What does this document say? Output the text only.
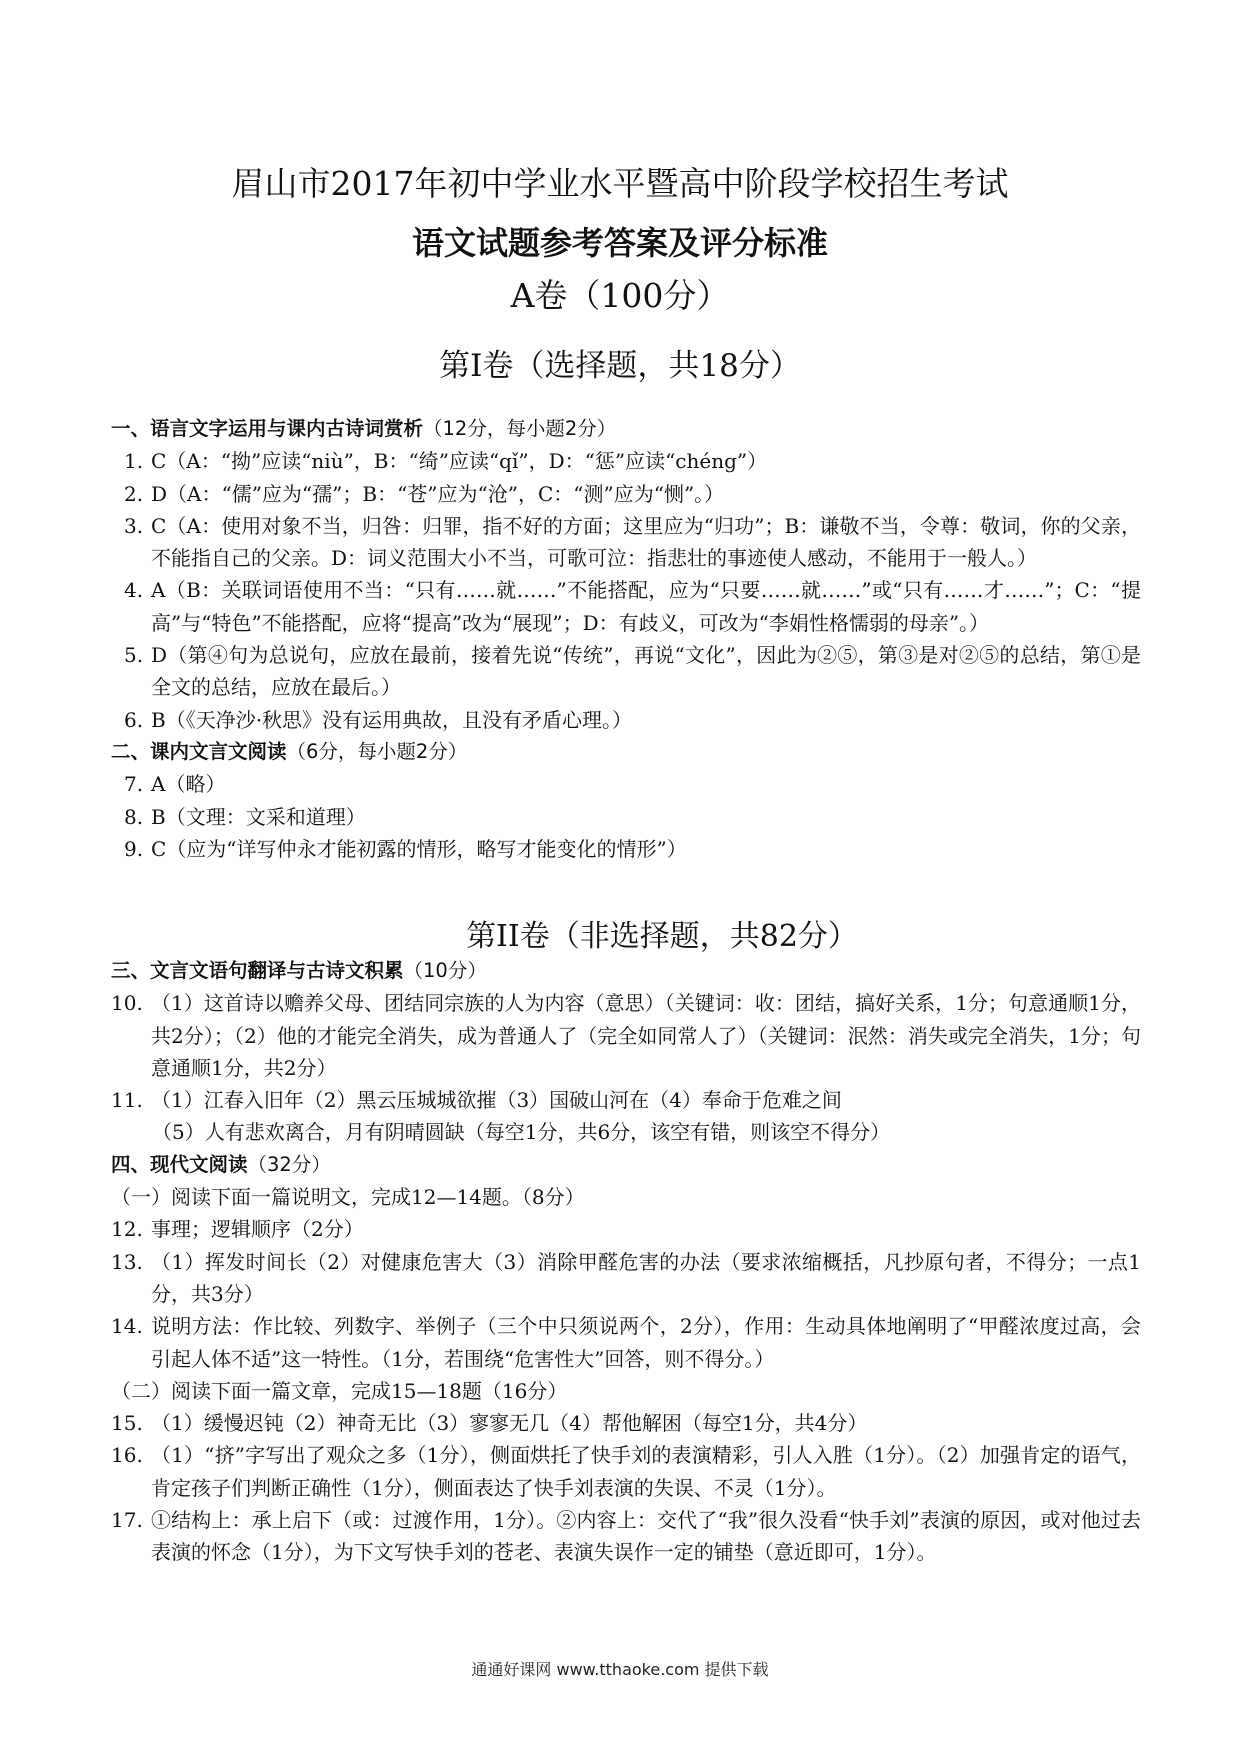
眉山市2017年初中学业水平暨高中阶段学校招生考试
语文试题参考答案及评分标准
A卷（100分）
第I卷（选择题，共18分）
一、语言文字运用与课内古诗词赏析（12分，每小题2分）
1. C（A：“拗”应读“niù”，B：“绮”应读“qǐ”，D：“惩”应读“chéng”）
2. D（A：“儒”应为“孺”；B：“苍”应为“沧”，C：“测”应为“恻”。）
3. C（A：使用对象不当，归咎：归罪，指不好的方面；这里应为“归功”；B：谦敬不当，令尊：敬词，你的父亲，不能指自己的父亲。D：词义范围大小不当，可歌可泣：指悲壮的事迹使人感动，不能用于一般人。）
4. A（B：关联词语使用不当：“只有……就……”不能搭配，应为“只要……就……”或“只有……才……”；C：“提高”与“特色”不能搭配，应将“提高”改为“展现”；D：有歧义，可改为“李娟性格懦弱的母亲”。）
5. D（第④句为总说句，应放在最前，接着先说“传统”，再说“文化”，因此为②⑤，第③是对②⑤的总结，第①是全文的总结，应放在最后。）
6. B（《天净沙·秋思》没有运用典故，且没有矛盾心理。）
二、课内文言文阅读（6分，每小题2分）
7. A（略）
8. B（文理：文采和道理）
9. C（应为“详写仲永才能初露的情形，略写才能变化的情形”）
第II卷（非选择题，共82分）
三、文言文语句翻译与古诗文积累（10分）
10. （1）这首诗以赡养父母、团结同宗族的人为内容（意思）（关键词：收：团结，搞好关系，1分；句意通顺1分，共2分）；（2）他的才能完全消失，成为普通人了（完全如同常人了）（关键词：泯然：消失或完全消失，1分；句意通顺1分，共2分）
11. （1）江春入旧年（2）黑云压城城欲摧（3）国破山河在（4）奉命于危难之间
（5）人有悲欢离合，月有阴晴圆缺（每空1分，共6分，该空有错，则该空不得分）
四、现代文阅读（32分）
（一）阅读下面一篇说明文，完成12—14题。（8分）
12. 事理；逻辑顺序（2分）
13. （1）挥发时间长（2）对健康危害大（3）消除甲醛危害的办法（要求浓缩概括，凡抄原句者，不得分；一点1分，共3分）
14. 说明方法：作比较、列数字、举例子（三个中只须说两个，2分），作用：生动具体地阐明了“甲醛浓度过高，会引起人体不适”这一特性。（1分，若围绕“危害性大”回答，则不得分。）
（二）阅读下面一篇文章，完成15—18题（16分）
15. （1）缓慢迟钝（2）神奇无比（3）寥寥无几（4）帮他解困（每空1分，共4分）
16. （1）“挤”字写出了观众之多（1分），侧面烘托了快手刘的表演精彩，引人入胜（1分）。（2）加强肯定的语气，肯定孩子们判断正确性（1分），侧面表达了快手刘表演的失误、不灵（1分）。
17. ①结构上：承上启下（或：过渡作用，1分）。②内容上：交代了“我”很久没看“快手刘”表演的原因，或对他过去表演的怀念（1分），为下文写快手刘的苍老、表演失误作一定的铺垫（意近即可，1分）。
通通好课网 www.tthaoke.com 提供下载
